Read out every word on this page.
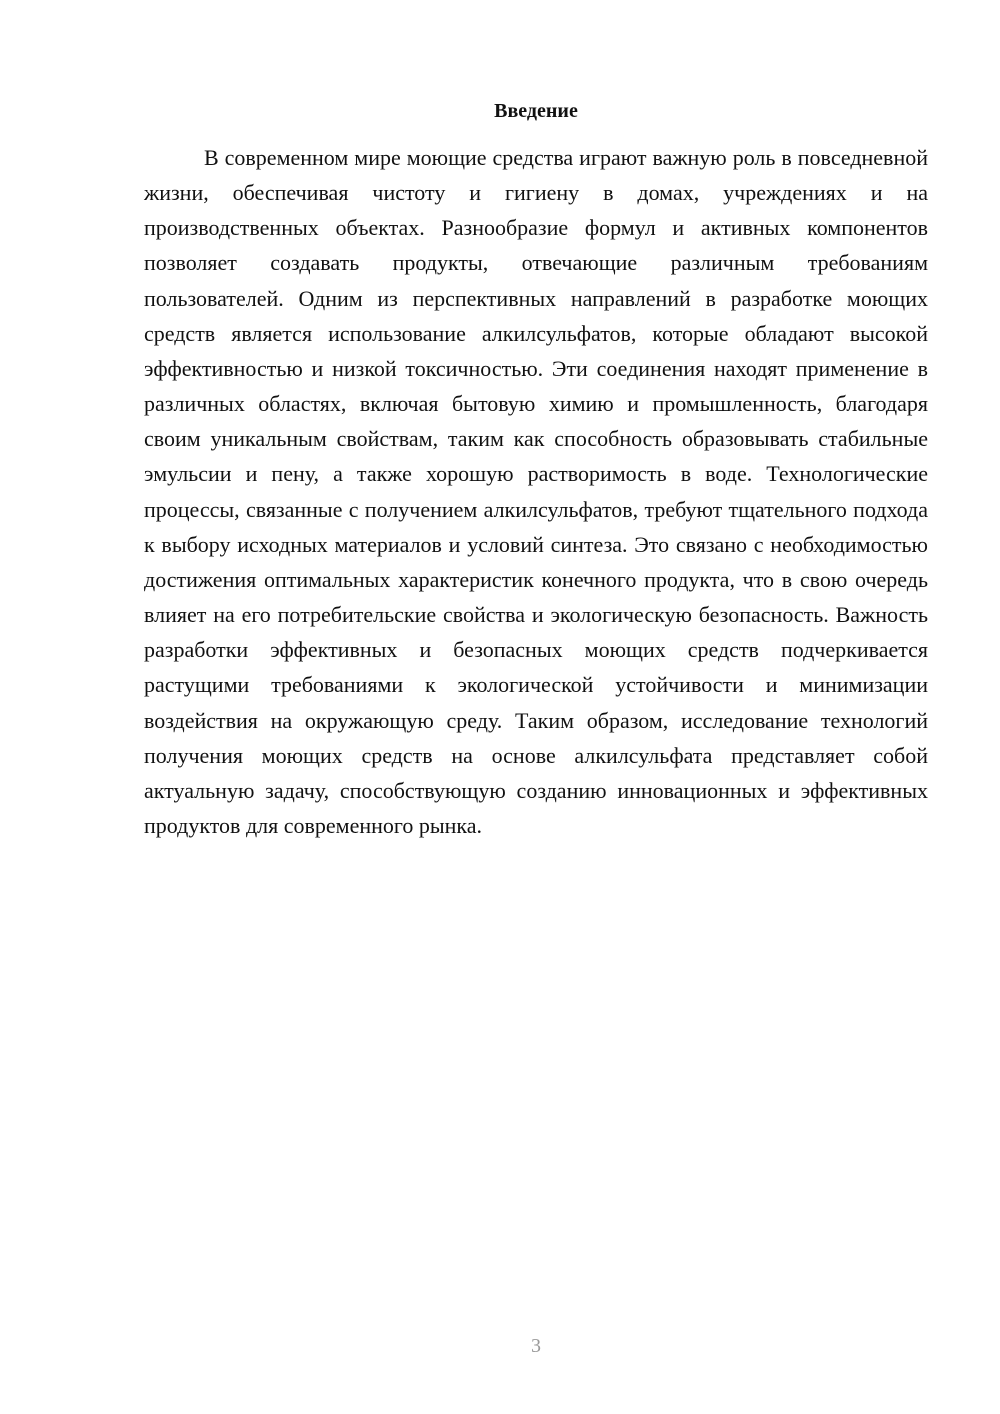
Введение

В современном мире моющие средства играют важную роль в повседневной жизни, обеспечивая чистоту и гигиену в домах, учреждениях и на производственных объектах. Разнообразие формул и активных компонентов позволяет создавать продукты, отвечающие различным требованиям пользователей. Одним из перспективных направлений в разработке моющих средств является использование алкилсульфатов, которые обладают высокой эффективностью и низкой токсичностью. Эти соединения находят применение в различных областях, включая бытовую химию и промышленность, благодаря своим уникальным свойствам, таким как способность образовывать стабильные эмульсии и пену, а также хорошую растворимость в воде. Технологические процессы, связанные с получением алкилсульфатов, требуют тщательного подхода к выбору исходных материалов и условий синтеза. Это связано с необходимостью достижения оптимальных характеристик конечного продукта, что в свою очередь влияет на его потребительские свойства и экологическую безопасность. Важность разработки эффективных и безопасных моющих средств подчеркивается растущими требованиями к экологической устойчивости и минимизации воздействия на окружающую среду. Таким образом, исследование технологий получения моющих средств на основе алкилсульфата представляет собой актуальную задачу, способствующую созданию инновационных и эффективных продуктов для современного рынка.

3
